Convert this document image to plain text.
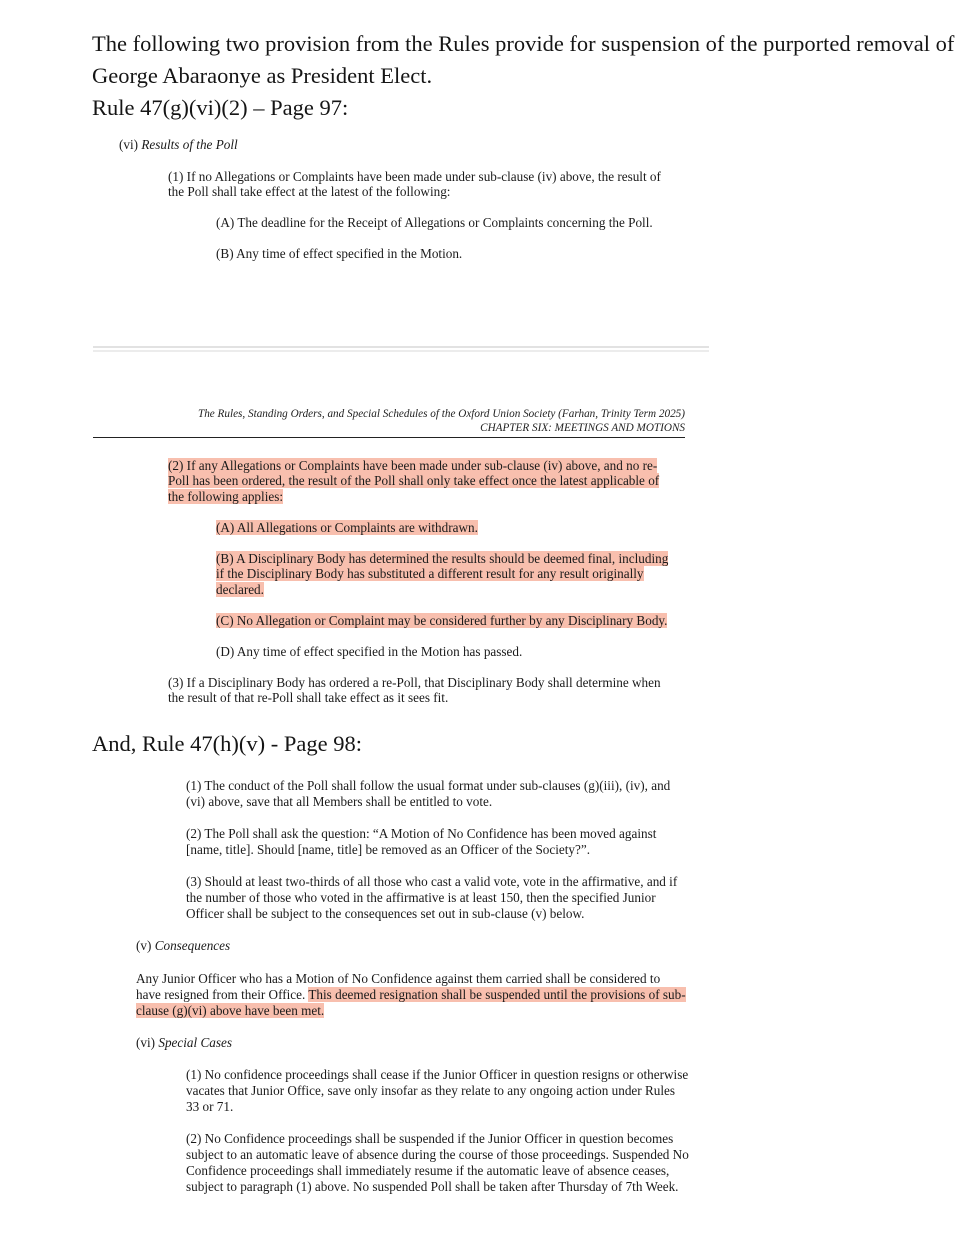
The following two provision from the Rules provide for suspension of the purported removal of
George Abaraonye as President Elect.
Rule 47(g)(vi)(2) – Page 97:
(vi) Results of the Poll
(1) If no Allegations or Complaints have been made under sub-clause (iv) above, the result of
the Poll shall take effect at the latest of the following:
(A) The deadline for the Receipt of Allegations or Complaints concerning the Poll.
(B) Any time of effect specified in the Motion.
The Rules, Standing Orders, and Special Schedules of the Oxford Union Society (Farhan, Trinity Term 2025)
CHAPTER SIX: MEETINGS AND MOTIONS
(2) If any Allegations or Complaints have been made under sub-clause (iv) above, and no re-
Poll has been ordered, the result of the Poll shall only take effect once the latest applicable of
the following applies:
(A) All Allegations or Complaints are withdrawn.
(B) A Disciplinary Body has determined the results should be deemed final, including
if the Disciplinary Body has substituted a different result for any result originally
declared.
(C) No Allegation or Complaint may be considered further by any Disciplinary Body.
(D) Any time of effect specified in the Motion has passed.
(3) If a Disciplinary Body has ordered a re-Poll, that Disciplinary Body shall determine when
the result of that re-Poll shall take effect as it sees fit.
And, Rule 47(h)(v) - Page 98:
(1) The conduct of the Poll shall follow the usual format under sub-clauses (g)(iii), (iv), and
(vi) above, save that all Members shall be entitled to vote.
(2) The Poll shall ask the question: “A Motion of No Confidence has been moved against
[name, title]. Should [name, title] be removed as an Officer of the Society?”.
(3) Should at least two-thirds of all those who cast a valid vote, vote in the affirmative, and if
the number of those who voted in the affirmative is at least 150, then the specified Junior
Officer shall be subject to the consequences set out in sub-clause (v) below.
(v) Consequences
Any Junior Officer who has a Motion of No Confidence against them carried shall be considered to
have resigned from their Office. This deemed resignation shall be suspended until the provisions of sub-
clause (g)(vi) above have been met.
(vi) Special Cases
(1) No confidence proceedings shall cease if the Junior Officer in question resigns or otherwise
vacates that Junior Office, save only insofar as they relate to any ongoing action under Rules
33 or 71.
(2) No Confidence proceedings shall be suspended if the Junior Officer in question becomes
subject to an automatic leave of absence during the course of those proceedings. Suspended No
Confidence proceedings shall immediately resume if the automatic leave of absence ceases,
subject to paragraph (1) above. No suspended Poll shall be taken after Thursday of 7th Week.
